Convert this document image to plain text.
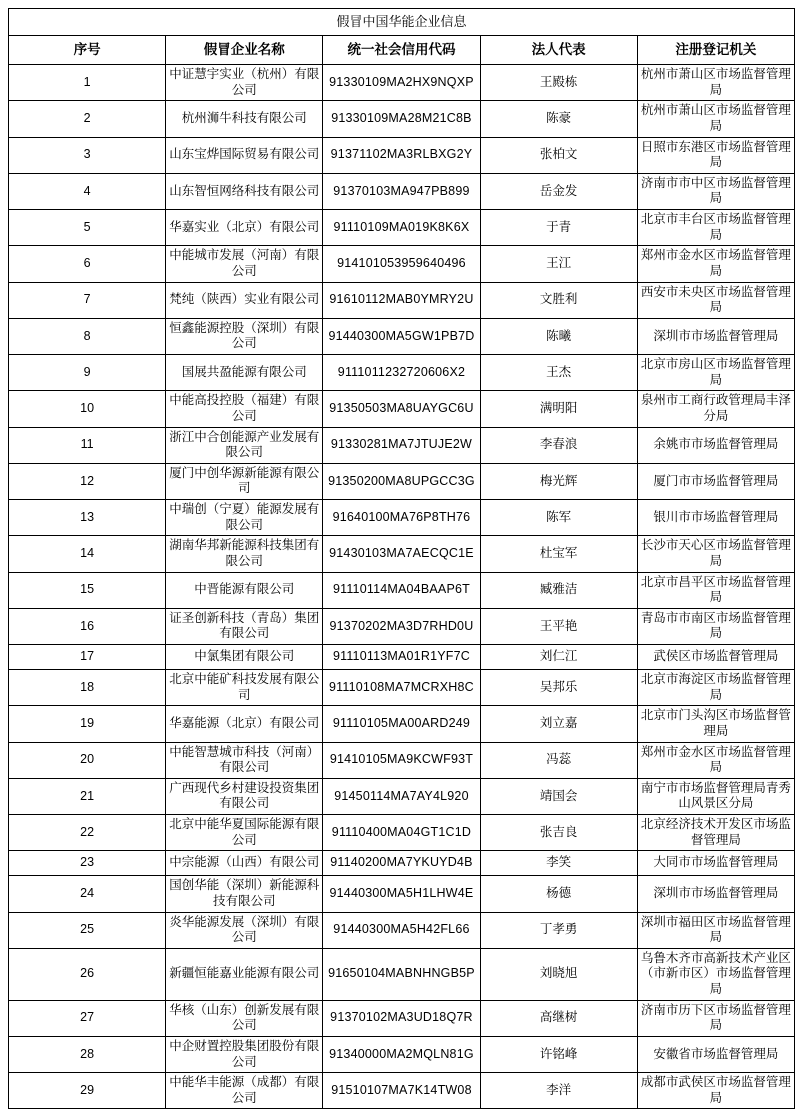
假冒中国华能企业信息				
序号	假冒企业名称	统一社会信用代码	法人代表	注册登记机关
1	中证慧宇实业（杭州）有限公司	91330109MA2HX9NQXP	王殿栋	杭州市萧山区市场监督管理局
2	杭州浉牛科技有限公司	91330109MA28M21C8B	陈豪	杭州市萧山区市场监督管理局
3	山东宝烨国际贸易有限公司	91371102MA3RLBXG2Y	张柏文	日照市东港区市场监督管理局
4	山东智恒网络科技有限公司	91370103MA947PB899	岳金发	济南市市中区市场监督管理局
5	华嘉实业（北京）有限公司	91110109MA019K8K6X	于青	北京市丰台区市场监督管理局
6	中能城市发展（河南）有限公司	914101053959640496	王江	郑州市金水区市场监督管理局
7	梵纯（陕西）实业有限公司	91610112MAB0YMRY2U	文胜利	西安市未央区市场监督管理局
8	恒鑫能源控股（深圳）有限公司	91440300MA5GW1PB7D	陈曦	深圳市市场监督管理局
9	国展共盈能源有限公司	9111011232720606X2	王杰	北京市房山区市场监督管理局
10	中能高投控股（福建）有限公司	91350503MA8UAYGC6U	满明阳	泉州市工商行政管理局丰泽分局
11	浙江中合创能源产业发展有限公司	91330281MA7JTUJE2W	李春浪	余姚市市场监督管理局
12	厦门中创华源新能源有限公司	91350200MA8UPGCC3G	梅光辉	厦门市市场监督管理局
13	中瑞创（宁夏）能源发展有限公司	91640100MA76P8TH76	陈军	银川市市场监督管理局
14	湖南华邦新能源科技集团有限公司	91430103MA7AECQC1E	杜宝军	长沙市天心区市场监督管理局
15	中晋能源有限公司	91110114MA04BAAP6T	臧雅洁	北京市昌平区市场监督管理局
16	证圣创新科技（青岛）集团有限公司	91370202MA3D7RHD0U	王平艳	青岛市市南区市场监督管理局
17	中氯集团有限公司	91110113MA01R1YF7C	刘仁江	武侯区市场监督管理局
18	北京中能矿科技发展有限公司	91110108MA7MCRXH8C	吴邦乐	北京市海淀区市场监督管理局
19	华嘉能源（北京）有限公司	91110105MA00ARD249	刘立嘉	北京市门头沟区市场监督管理局
20	中能智慧城市科技（河南）有限公司	91410105MA9KCWF93T	冯蕊	郑州市金水区市场监督管理局
21	广西现代乡村建设投资集团有限公司	91450114MA7AY4L920	靖国会	南宁市市场监督管理局青秀山风景区分局
22	北京中能华夏国际能源有限公司	91110400MA04GT1C1D	张吉良	北京经济技术开发区市场监督管理局
23	中宗能源（山西）有限公司	91140200MA7YKUYD4B	李笑	大同市市场监督管理局
24	国创华能（深圳）新能源科技有限公司	91440300MA5H1LHW4E	杨德	深圳市市场监督管理局
25	炎华能源发展（深圳）有限公司	91440300MA5H42FL66	丁孝勇	深圳市福田区市场监督管理局
26	新疆恒能嘉业能源有限公司	91650104MABNHNGB5P	刘晓旭	乌鲁木齐市高新技术产业区（市新市区）市场监督管理局
27	华核（山东）创新发展有限公司	91370102MA3UD18Q7R	高继树	济南市历下区市场监督管理局
28	中企财置控股集团股份有限公司	91340000MA2MQLN81G	许铭峰	安徽省市场监督管理局
29	中能华丰能源（成都）有限公司	91510107MA7K14TW08	李洋	成都市武侯区市场监督管理局
